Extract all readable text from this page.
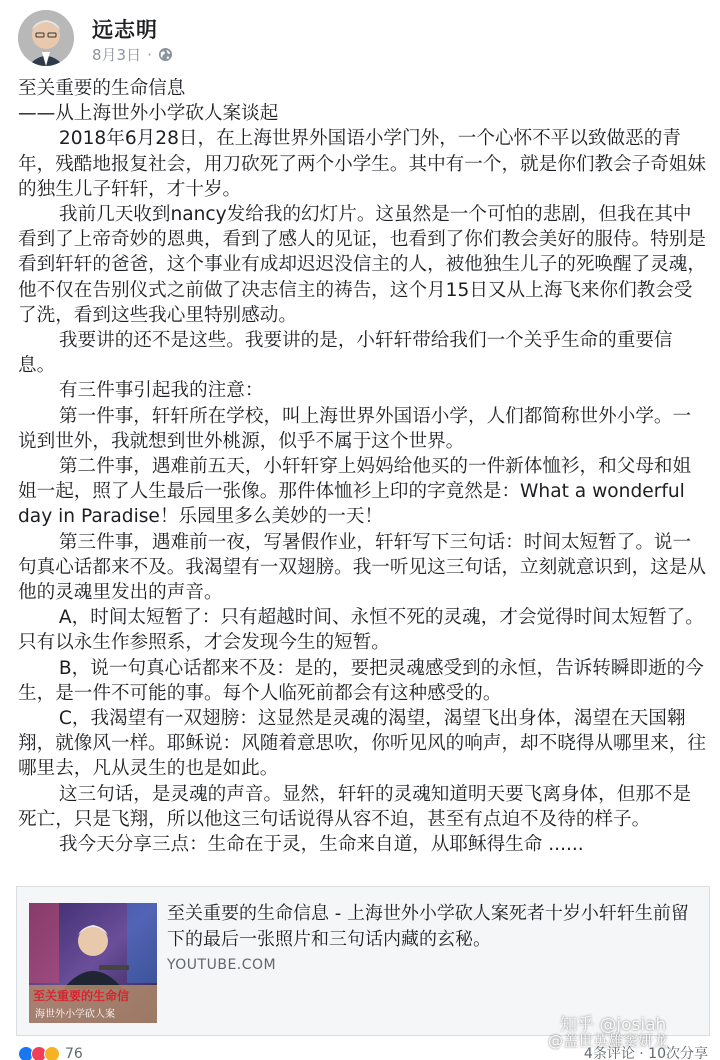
远志明
8月3日 ·

至关重要的生命信息

——从上海世外小学砍人案谈起

2018年6月28日，在上海世界外国语小学门外，一个心怀不平以致做恶的青年，残酷地报复社会，用刀砍死了两个小学生。其中有一个，就是你们教会子奇姐妹的独生儿子轩轩，才十岁。

我前几天收到nancy发给我的幻灯片。这虽然是一个可怕的悲剧，但我在其中看到了上帝奇妙的恩典，看到了感人的见证，也看到了你们教会美好的服侍。特别是看到轩轩的爸爸，这个事业有成却迟迟没信主的人，被他独生儿子的死唤醒了灵魂，他不仅在告别仪式之前做了决志信主的祷告，这个月15日又从上海飞来你们教会受了洗，看到这些我心里特别感动。

我要讲的还不是这些。我要讲的是，小轩轩带给我们一个关乎生命的重要信息。

有三件事引起我的注意：

第一件事，轩轩所在学校，叫上海世界外国语小学，人们都简称世外小学。一说到世外，我就想到世外桃源，似乎不属于这个世界。

第二件事，遇难前五天，小轩轩穿上妈妈给他买的一件新体恤衫，和父母和姐姐一起，照了人生最后一张像。那件体恤衫上印的字竟然是：What a wonderful day in Paradise！乐园里多么美妙的一天！

第三件事，遇难前一夜，写暑假作业，轩轩写下三句话：时间太短暂了。说一句真心话都来不及。我渴望有一双翅膀。我一听见这三句话，立刻就意识到，这是从他的灵魂里发出的声音。

A，时间太短暂了：只有超越时间、永恒不死的灵魂，才会觉得时间太短暂了。只有以永生作参照系，才会发现今生的短暂。

B，说一句真心话都来不及：是的，要把灵魂感受到的永恒，告诉转瞬即逝的今生，是一件不可能的事。每个人临死前都会有这种感受的。

C，我渴望有一双翅膀：这显然是灵魂的渴望，渴望飞出身体，渴望在天国翱翔，就像风一样。耶稣说：风随着意思吹，你听见风的响声，却不晓得从哪里来，往哪里去，凡从灵生的也是如此。

这三句话，是灵魂的声音。显然，轩轩的灵魂知道明天要飞离身体，但那不是死亡，只是飞翔，所以他这三句话说得从容不迫，甚至有点迫不及待的样子。

我今天分享三点：生命在于灵，生命来自道，从耶稣得生命 ......

至关重要的生命信
海世外小学砍人案
至关重要的生命信息 - 上海世外小学砍人案死者十岁小轩轩生前留下的最后一张照片和三句话内藏的玄秘。
YOUTUBE.COM
知乎 @josiah
@盖世英雄窦妍龙
76	4条评论 · 10次分享
